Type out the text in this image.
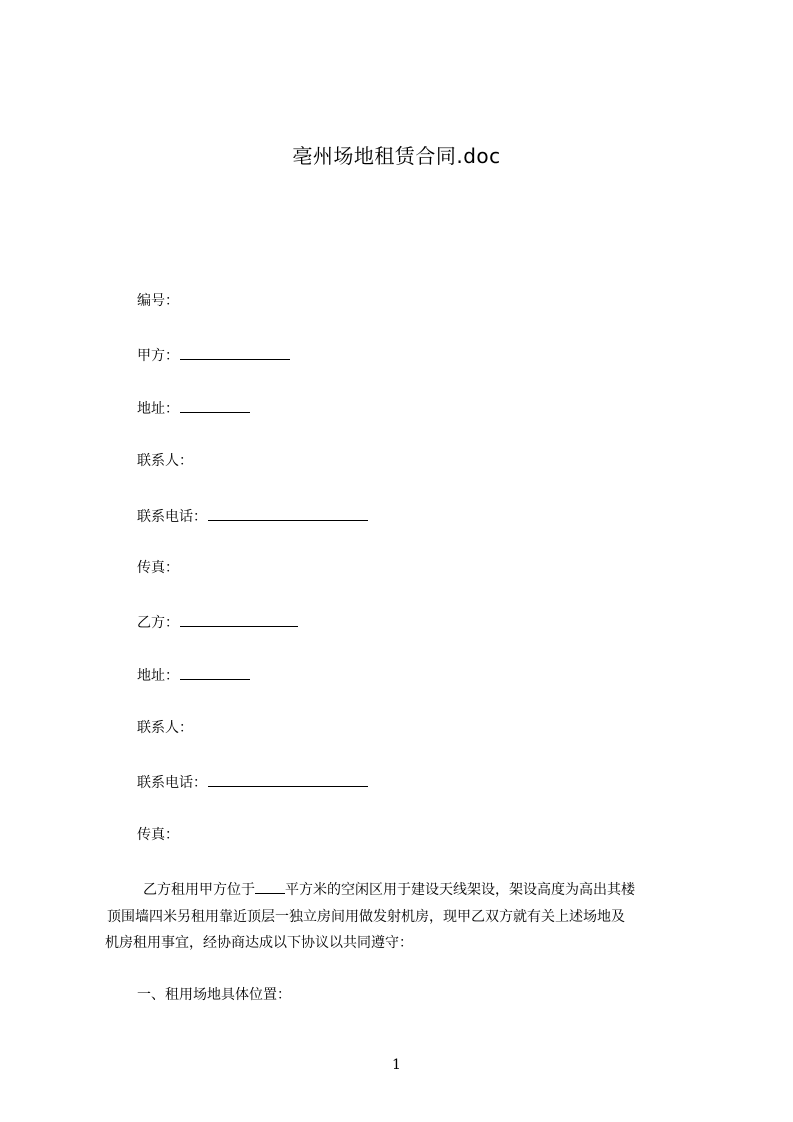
亳州场地租赁合同.doc
编号：
甲方：
地址：
联系人：
联系电话：
传真：
乙方：
地址：
联系人：
联系电话：
传真：
乙方租用甲方位于 平方米的空闲区用于建设天线架设，架设高度为高出其楼
顶围墙四米另租用靠近顶层一独立房间用做发射机房，现甲乙双方就有关上述场地及
机房租用事宜，经协商达成以下协议以共同遵守：
一、租用场地具体位置：
1
